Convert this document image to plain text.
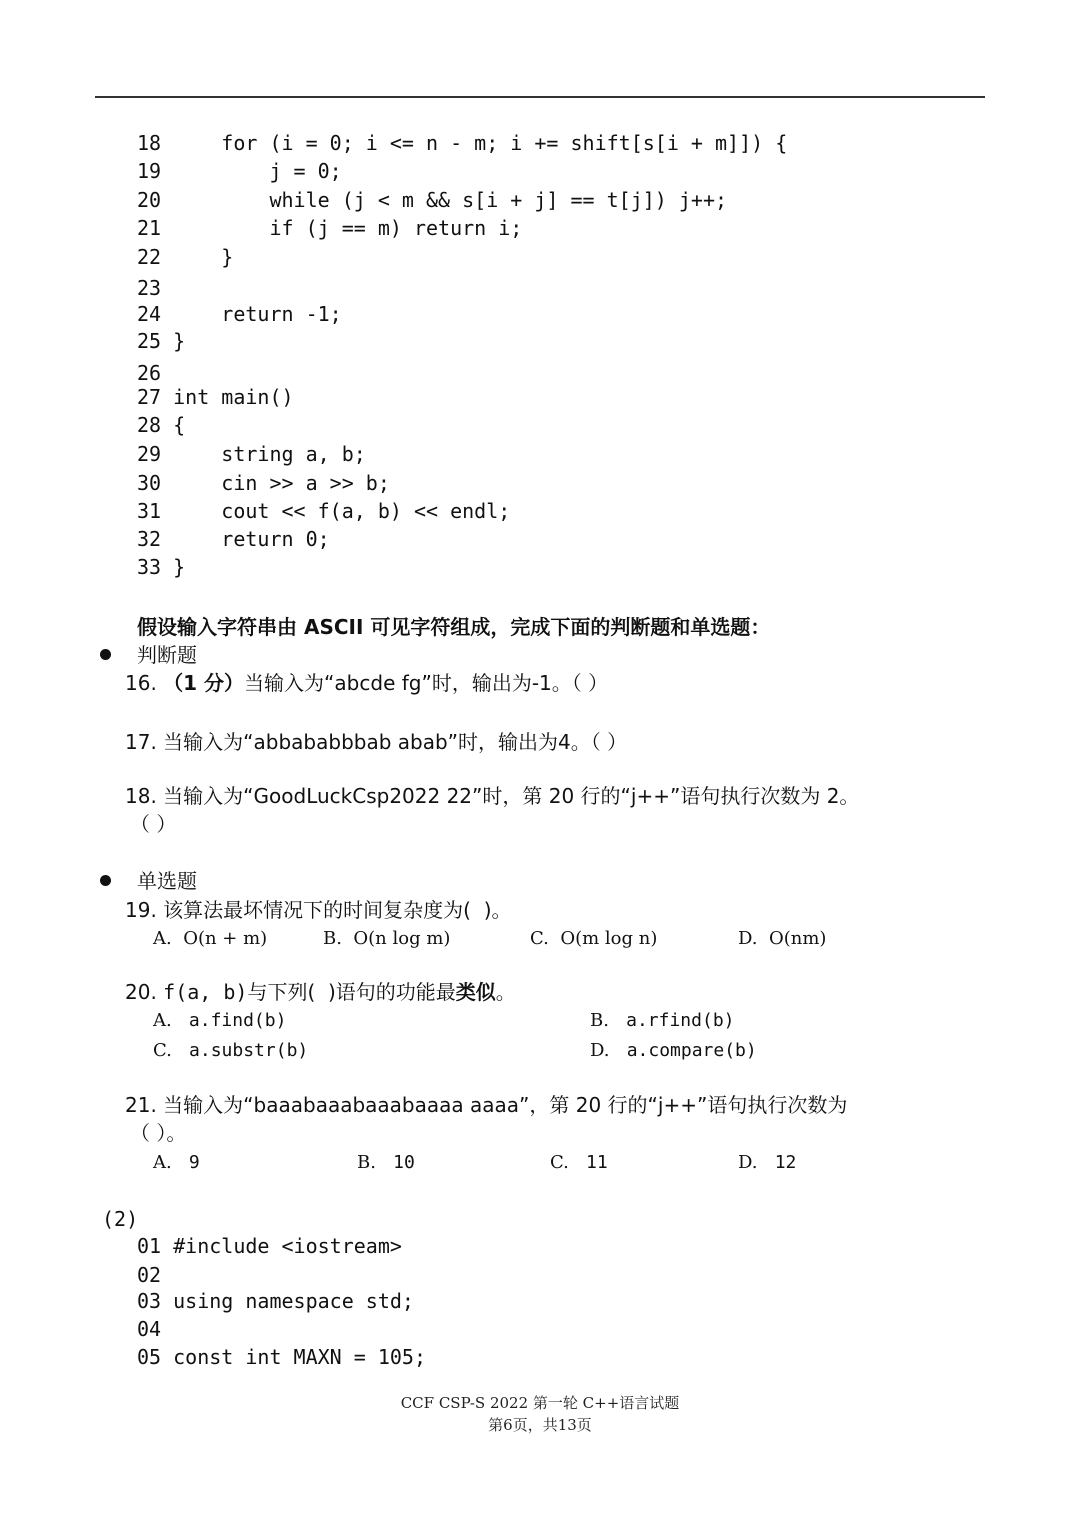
18     for (i = 0; i <= n - m; i += shift[s[i + m]]) {
19         j = 0;
20         while (j < m && s[i + j] == t[j]) j++;
21         if (j == m) return i;
22     }
23
24     return -1;
25 }
26
27 int main()
28 {
29     string a, b;
30     cin >> a >> b;
31     cout << f(a, b) << endl;
32     return 0;
33 }
假设输入字符串由 ASCII 可见字符组成，完成下面的判断题和单选题：
判断题
16. （1 分）当输入为“abcde fg”时，输出为-1。（ ）
17. 当输入为“abbababbbab abab”时，输出为4。（ ）
18. 当输入为“GoodLuckCsp2022 22”时，第 20 行的“j++”语句执行次数为 2。
（ ）
单选题
19. 该算法最坏情况下的时间复杂度为(  )。
A. O(n + m)	B. O(n log m)	C. O(m log n)	D. O(nm)
20. f(a, b)与下列(  )语句的功能最类似。
A. a.find(b)	B. a.rfind(b)
C. a.substr(b)	D. a.compare(b)
21. 当输入为“baaabaaabaaabaaaa aaaa”，第 20 行的“j++”语句执行次数为
（ ）。
A. 9	B. 10	C. 11	D. 12
(2)
01 #include <iostream>
02
03 using namespace std;
04
05 const int MAXN = 105;
CCF CSP-S 2022 第一轮 C++语言试题
第6页，共13页
